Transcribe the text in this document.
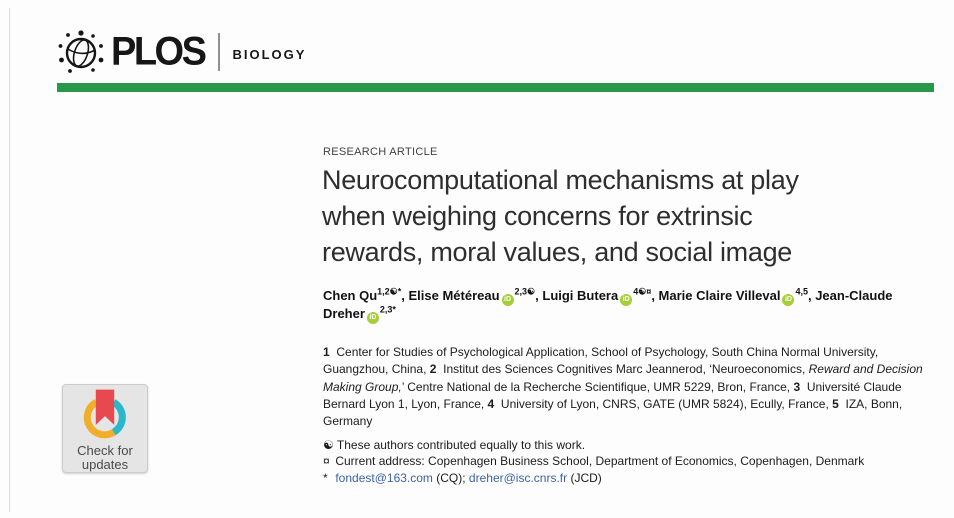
PLOS BIOLOGY
RESEARCH ARTICLE
Neurocomputational mechanisms at play
when weighing concerns for extrinsic
rewards, moral values, and social image
Chen $Qu^{1,2☯*}$, Elise Météreau $iD^{2,3☯}$, Luigi Butera $iD^{4☯¤}$, Marie Claire Villeval iD$^{4,5}$, Jean-Claude Dreher $iD^{2,3*}$
1 Center for Studies of Psychological Application, School of Psychology, South China Normal University, Guangzhou, China, 2 Institut des Sciences Cognitives Marc Jeannerod, ‘Neuroeconomics, Reward and Decision Making Group,’ Centre National de la Recherche Scientifique, UMR 5229, Bron, France, 3 Université Claude Bernard Lyon 1, Lyon, France, 4 University of Lyon, CNRS, GATE (UMR 5824), Ecully, France, 5 IZA, Bonn, Germany
☯ These authors contributed equally to this work.
¤ Current address: Copenhagen Business School, Department of Economics, Copenhagen, Denmark
* fondest@163.com (CQ); dreher@isc.cnrs.fr (JCD)
Check for
updates
